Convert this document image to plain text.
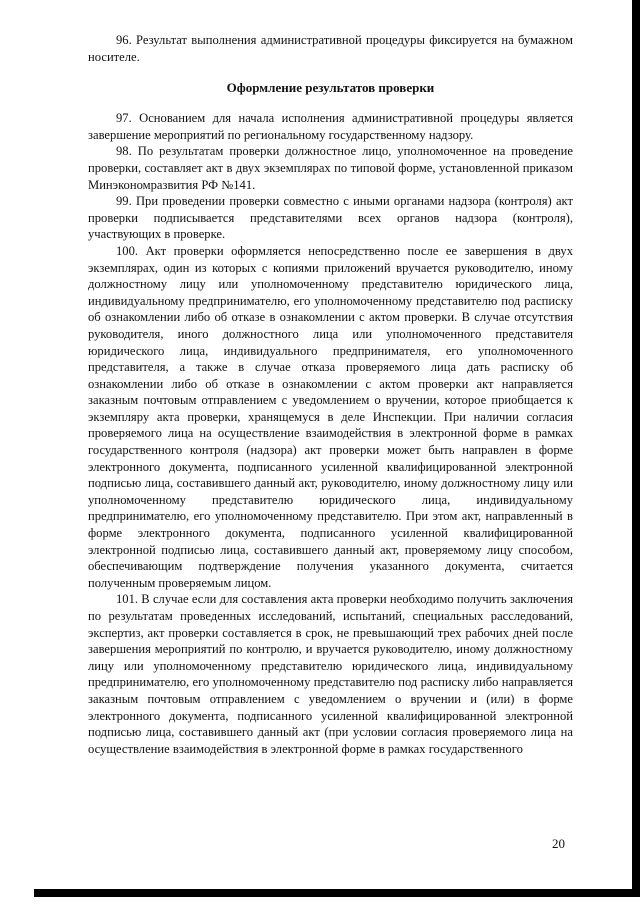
96. Результат выполнения административной процедуры фиксируется на бумажном носителе.

Оформление результатов проверки

97. Основанием для начала исполнения административной процедуры является завершение мероприятий по региональному государственному надзору.

98. По результатам проверки должностное лицо, уполномоченное на проведение проверки, составляет акт в двух экземплярах по типовой форме, установленной приказом Минэкономразвития РФ №141.

99. При проведении проверки совместно с иными органами надзора (контроля) акт проверки подписывается представителями всех органов надзора (контроля), участвующих в проверке.

100. Акт проверки оформляется непосредственно после ее завершения в двух экземплярах, один из которых с копиями приложений вручается руководителю, иному должностному лицу или уполномоченному представителю юридического лица, индивидуальному предпринимателю, его уполномоченному представителю под расписку об ознакомлении либо об отказе в ознакомлении с актом проверки. В случае отсутствия руководителя, иного должностного лица или уполномоченного представителя юридического лица, индивидуального предпринимателя, его уполномоченного представителя, а также в случае отказа проверяемого лица дать расписку об ознакомлении либо об отказе в ознакомлении с актом проверки акт направляется заказным почтовым отправлением с уведомлением о вручении, которое приобщается к экземпляру акта проверки, хранящемуся в деле Инспекции. При наличии согласия проверяемого лица на осуществление взаимодействия в электронной форме в рамках государственного контроля (надзора) акт проверки может быть направлен в форме электронного документа, подписанного усиленной квалифицированной электронной подписью лица, составившего данный акт, руководителю, иному должностному лицу или уполномоченному представителю юридического лица, индивидуальному предпринимателю, его уполномоченному представителю. При этом акт, направленный в форме электронного документа, подписанного усиленной квалифицированной электронной подписью лица, составившего данный акт, проверяемому лицу способом, обеспечивающим подтверждение получения указанного документа, считается полученным проверяемым лицом.

101. В случае если для составления акта проверки необходимо получить заключения по результатам проведенных исследований, испытаний, специальных расследований, экспертиз, акт проверки составляется в срок, не превышающий трех рабочих дней после завершения мероприятий по контролю, и вручается руководителю, иному должностному лицу или уполномоченному представителю юридического лица, индивидуальному предпринимателю, его уполномоченному представителю под расписку либо направляется заказным почтовым отправлением с уведомлением о вручении и (или) в форме электронного документа, подписанного усиленной квалифицированной электронной подписью лица, составившего данный акт (при условии согласия проверяемого лица на осуществление взаимодействия в электронной форме в рамках государственного

20
